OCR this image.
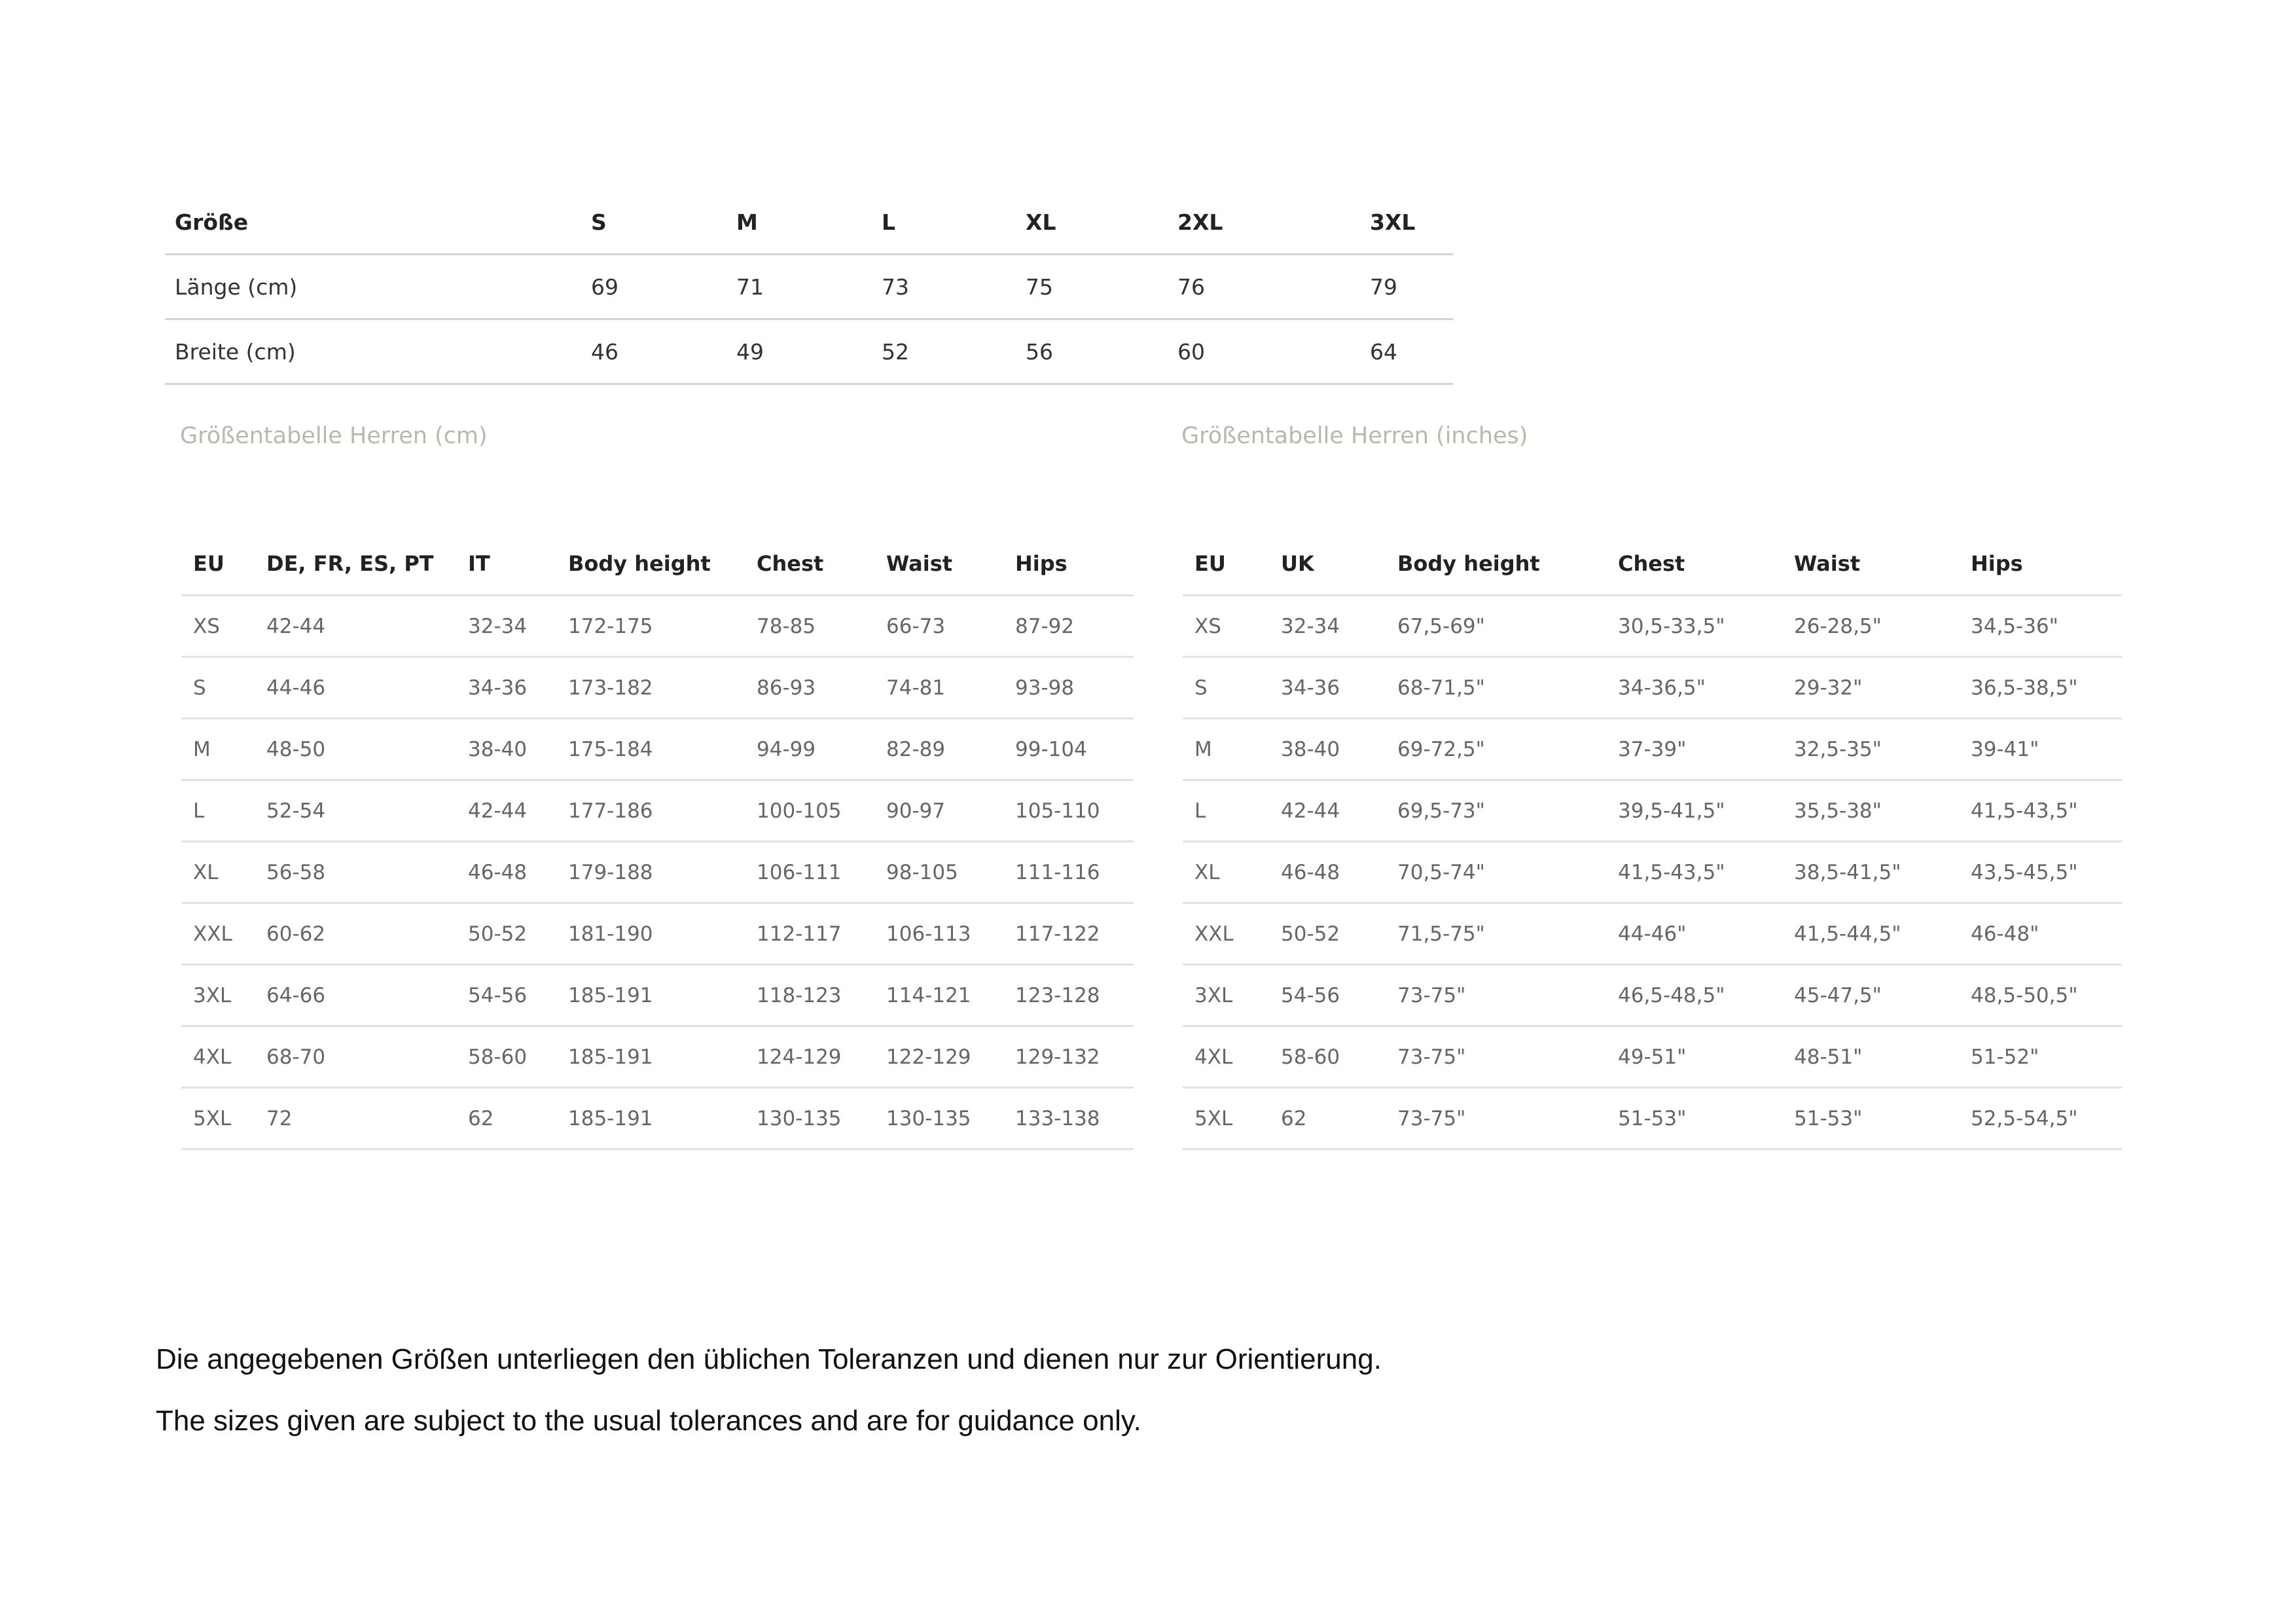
Größe	S	M	L	XL	2XL	3XL
Länge (cm)	69	71	73	75	76	79
Breite (cm)	46	49	52	56	60	64
Größentabelle Herren (cm)	Größentabelle Herren (inches)
EU	DE, FR, ES, PT	IT	Body height	Chest	Waist	Hips
XS	42-44	32-34	172-175	78-85	66-73	87-92
S	44-46	34-36	173-182	86-93	74-81	93-98
M	48-50	38-40	175-184	94-99	82-89	99-104
L	52-54	42-44	177-186	100-105	90-97	105-110
XL	56-58	46-48	179-188	106-111	98-105	111-116
XXL	60-62	50-52	181-190	112-117	106-113	117-122
3XL	64-66	54-56	185-191	118-123	114-121	123-128
4XL	68-70	58-60	185-191	124-129	122-129	129-132
5XL	72	62	185-191	130-135	130-135	133-138
EU	UK	Body height	Chest	Waist	Hips
XS	32-34	67,5-69"	30,5-33,5"	26-28,5"	34,5-36"
S	34-36	68-71,5"	34-36,5"	29-32"	36,5-38,5"
M	38-40	69-72,5"	37-39"	32,5-35"	39-41"
L	42-44	69,5-73"	39,5-41,5"	35,5-38"	41,5-43,5"
XL	46-48	70,5-74"	41,5-43,5"	38,5-41,5"	43,5-45,5"
XXL	50-52	71,5-75"	44-46"	41,5-44,5"	46-48"
3XL	54-56	73-75"	46,5-48,5"	45-47,5"	48,5-50,5"
4XL	58-60	73-75"	49-51"	48-51"	51-52"
5XL	62	73-75"	51-53"	51-53"	52,5-54,5"

Die angegebenen Größen unterliegen den üblichen Toleranzen und dienen nur zur Orientierung.

The sizes given are subject to the usual tolerances and are for guidance only.
